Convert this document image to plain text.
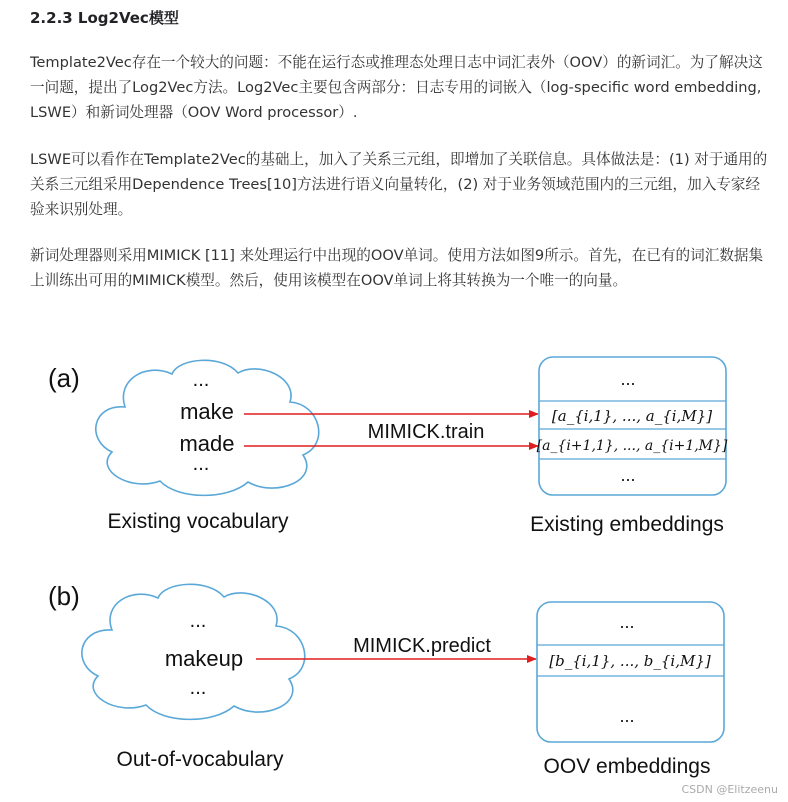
2.2.3 Log2Vec模型
Template2Vec存在一个较大的问题：不能在运行态或推理态处理日志中词汇表外（OOV）的新词汇。为了解决这一问题，提出了Log2Vec方法。Log2Vec主要包含两部分：日志专用的词嵌入（log-specific word embedding, LSWE）和新词处理器（OOV Word processor）.
LSWE可以看作在Template2Vec的基础上，加入了关系三元组，即增加了关联信息。具体做法是：(1) 对于通用的关系三元组采用Dependence Trees[10]方法进行语义向量转化，(2) 对于业务领域范围内的三元组，加入专家经验来识别处理。
新词处理器则采用MIMICK [11] 来处理运行中出现的OOV单词。使用方法如图9所示。首先，在已有的词汇数据集上训练出可用的MIMICK模型。然后，使用该模型在OOV单词上将其转换为一个唯一的向量。
(a)	...
make
made
...
MIMICK.train
Existing vocabulary
...
[a_{i,1}, ..., a_{i,M}]
[a_{i+1,1}, ..., a_{i+1,M}]
...
Existing embeddings
(b)
...
makeup
...
MIMICK.predict
Out-of-vocabulary
...
[b_{i,1}, ..., b_{i,M}]
...
OOV embeddings
CSDN @Elitzeenu
